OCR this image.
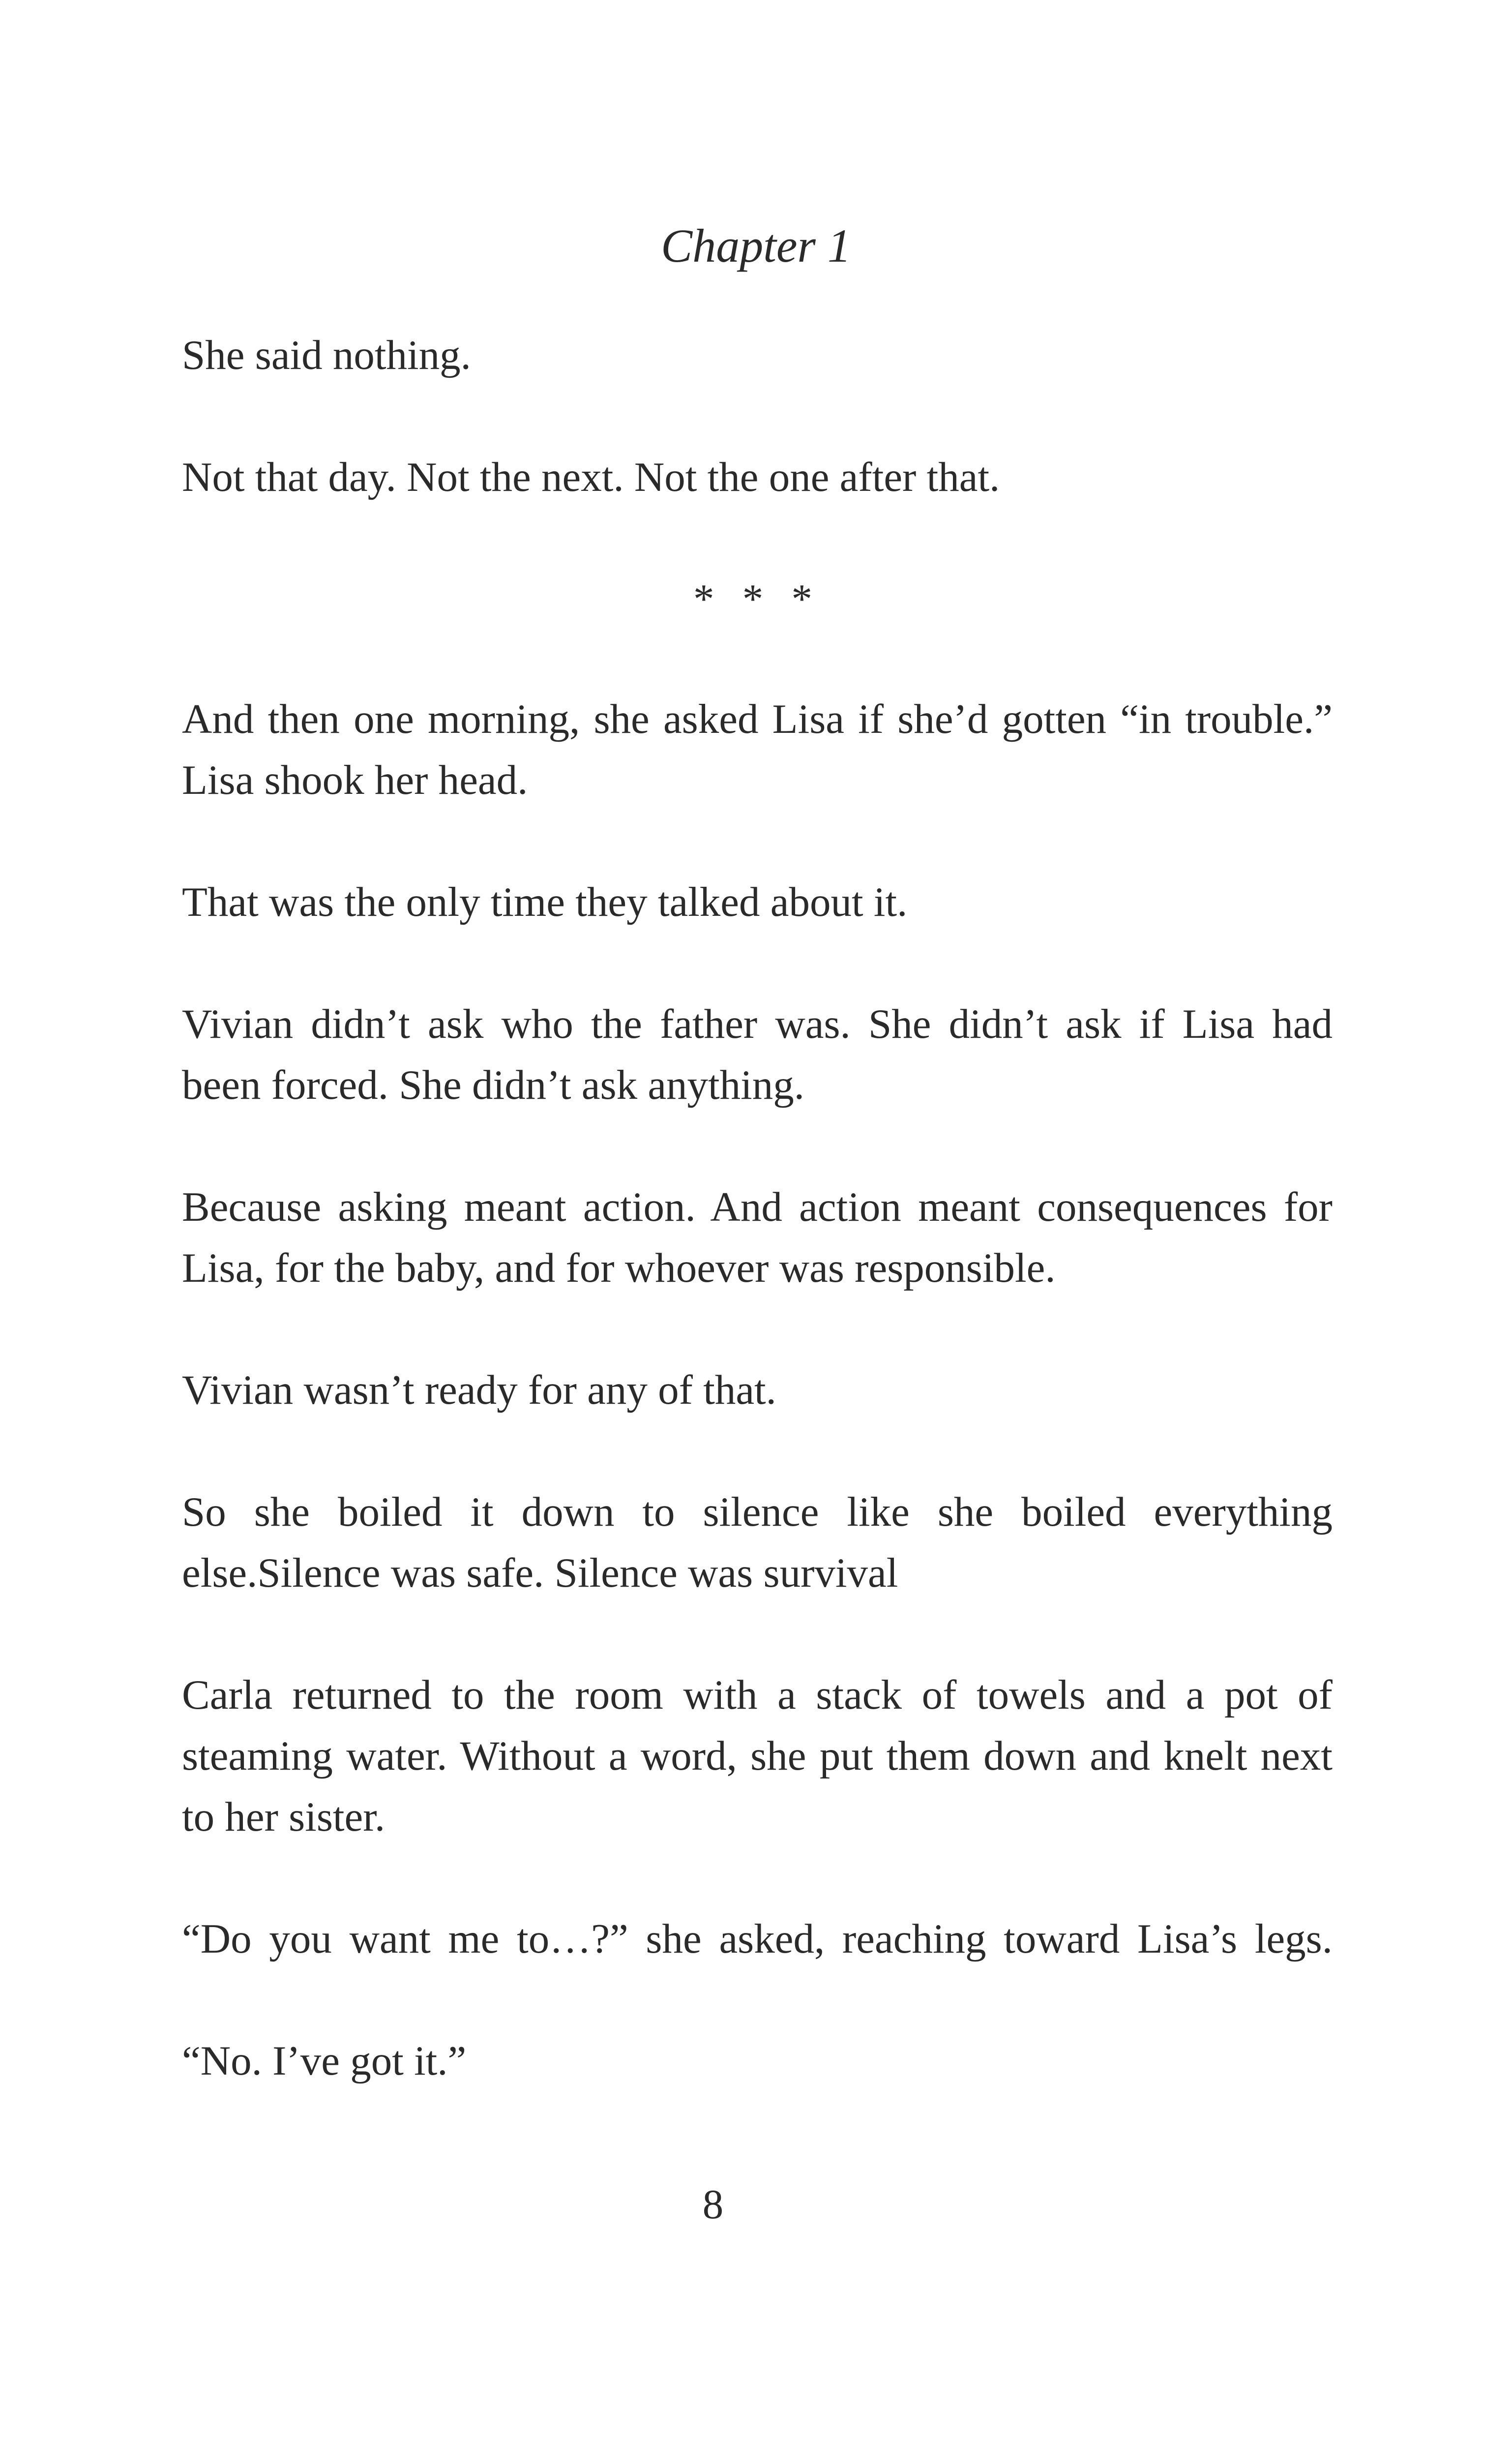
Chapter 1

She said nothing.

Not that day. Not the next. Not the one after that.

* * *

And then one morning, she asked Lisa if she’d gotten “in trouble.” Lisa shook her head.

That was the only time they talked about it.

Vivian didn’t ask who the father was. She didn’t ask if Lisa had been forced. She didn’t ask anything.

Because asking meant action. And action meant consequences for Lisa, for the baby, and for whoever was responsible.

Vivian wasn’t ready for any of that.

So she boiled it down to silence like she boiled everything else.Silence was safe. Silence was survival

Carla returned to the room with a stack of towels and a pot of steaming water. Without a word, she put them down and knelt next to her sister.

“Do you want me to…?” she asked, reaching toward Lisa’s legs.

“No. I’ve got it.”

8
